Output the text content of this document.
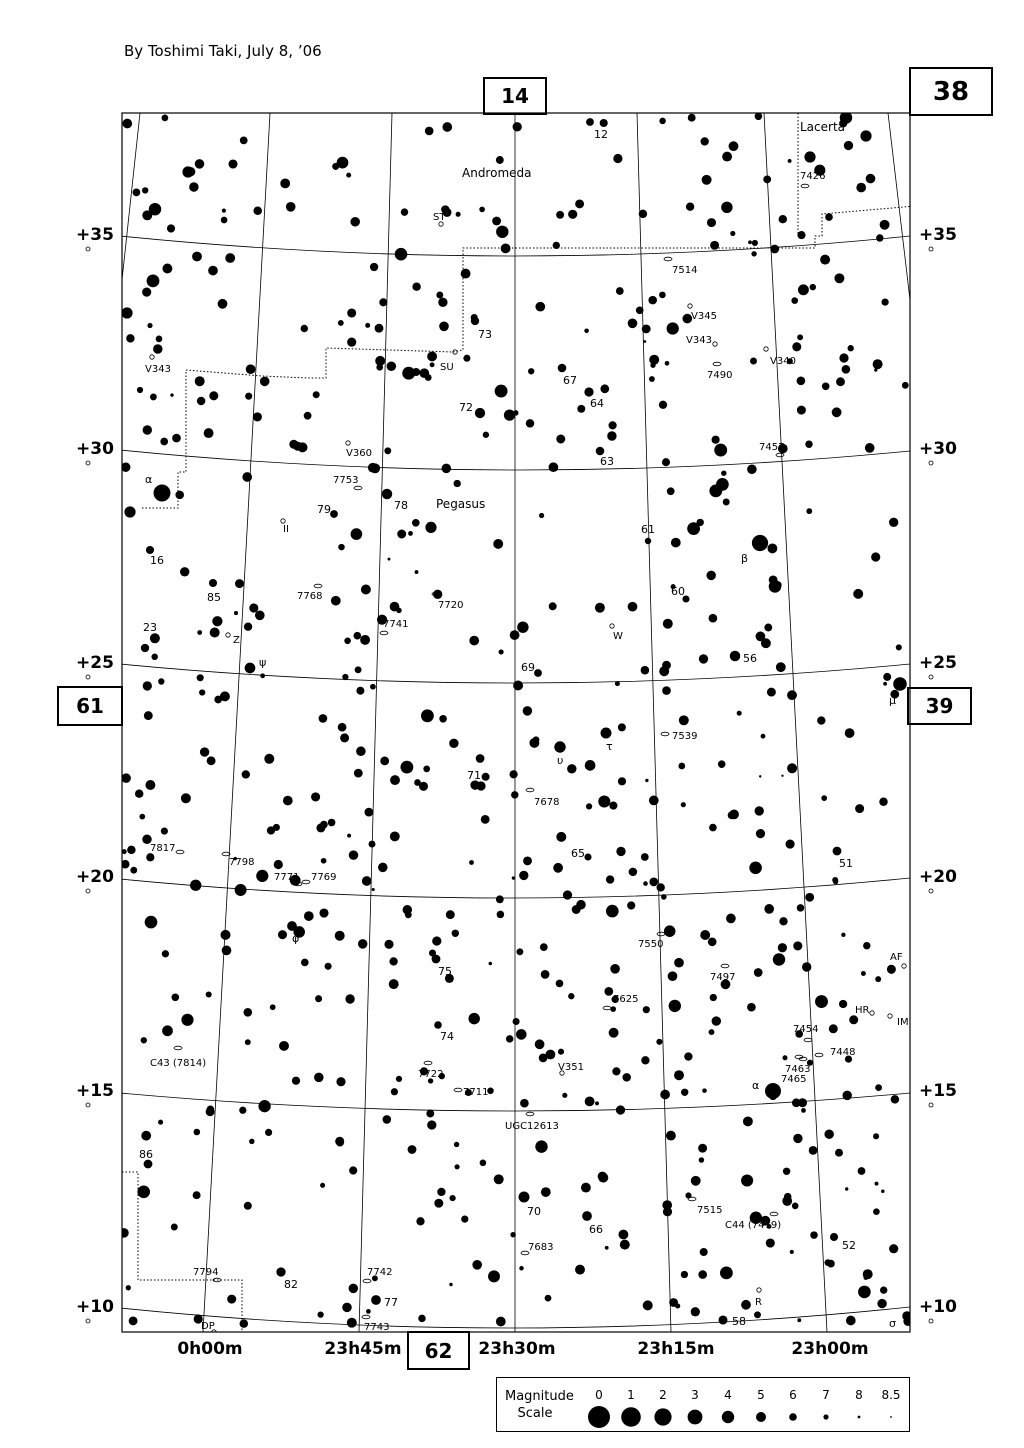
By Toshimi Taki, July 8, ’06
14	38
61	39
62
Andromeda
Pegasus
Lacerta
α
β
α
μ
υ
τ
ψ
φ
σ
56
70
72	64
67
63
73
75
74
66
86
82
77
58
52
51
65
60
85
79	78
69
61
12
16
23
71
ST
SU
V343
V360
V345
V343
V340
II
Z	W
V351
AF
HR
IM
R
DP
7426
7514
7490
7457
7753
7768
7720
7741
7539
7678
7817
7798
7771 7769
7550
7497
7625
C43 (7814)
7454
7448
7463
7465
7722
7711
UGC12613
7515
C44 (7479)
7683
7794	7742
7743
+35	+35
+30	+30
+25	+25
+20	+20
+15	+15
+10	+10
0h00m	23h45m	23h30m	23h15m	23h00m
Magnitude
Scale
0 1 2 3 4 5 6 7 8 8.5
